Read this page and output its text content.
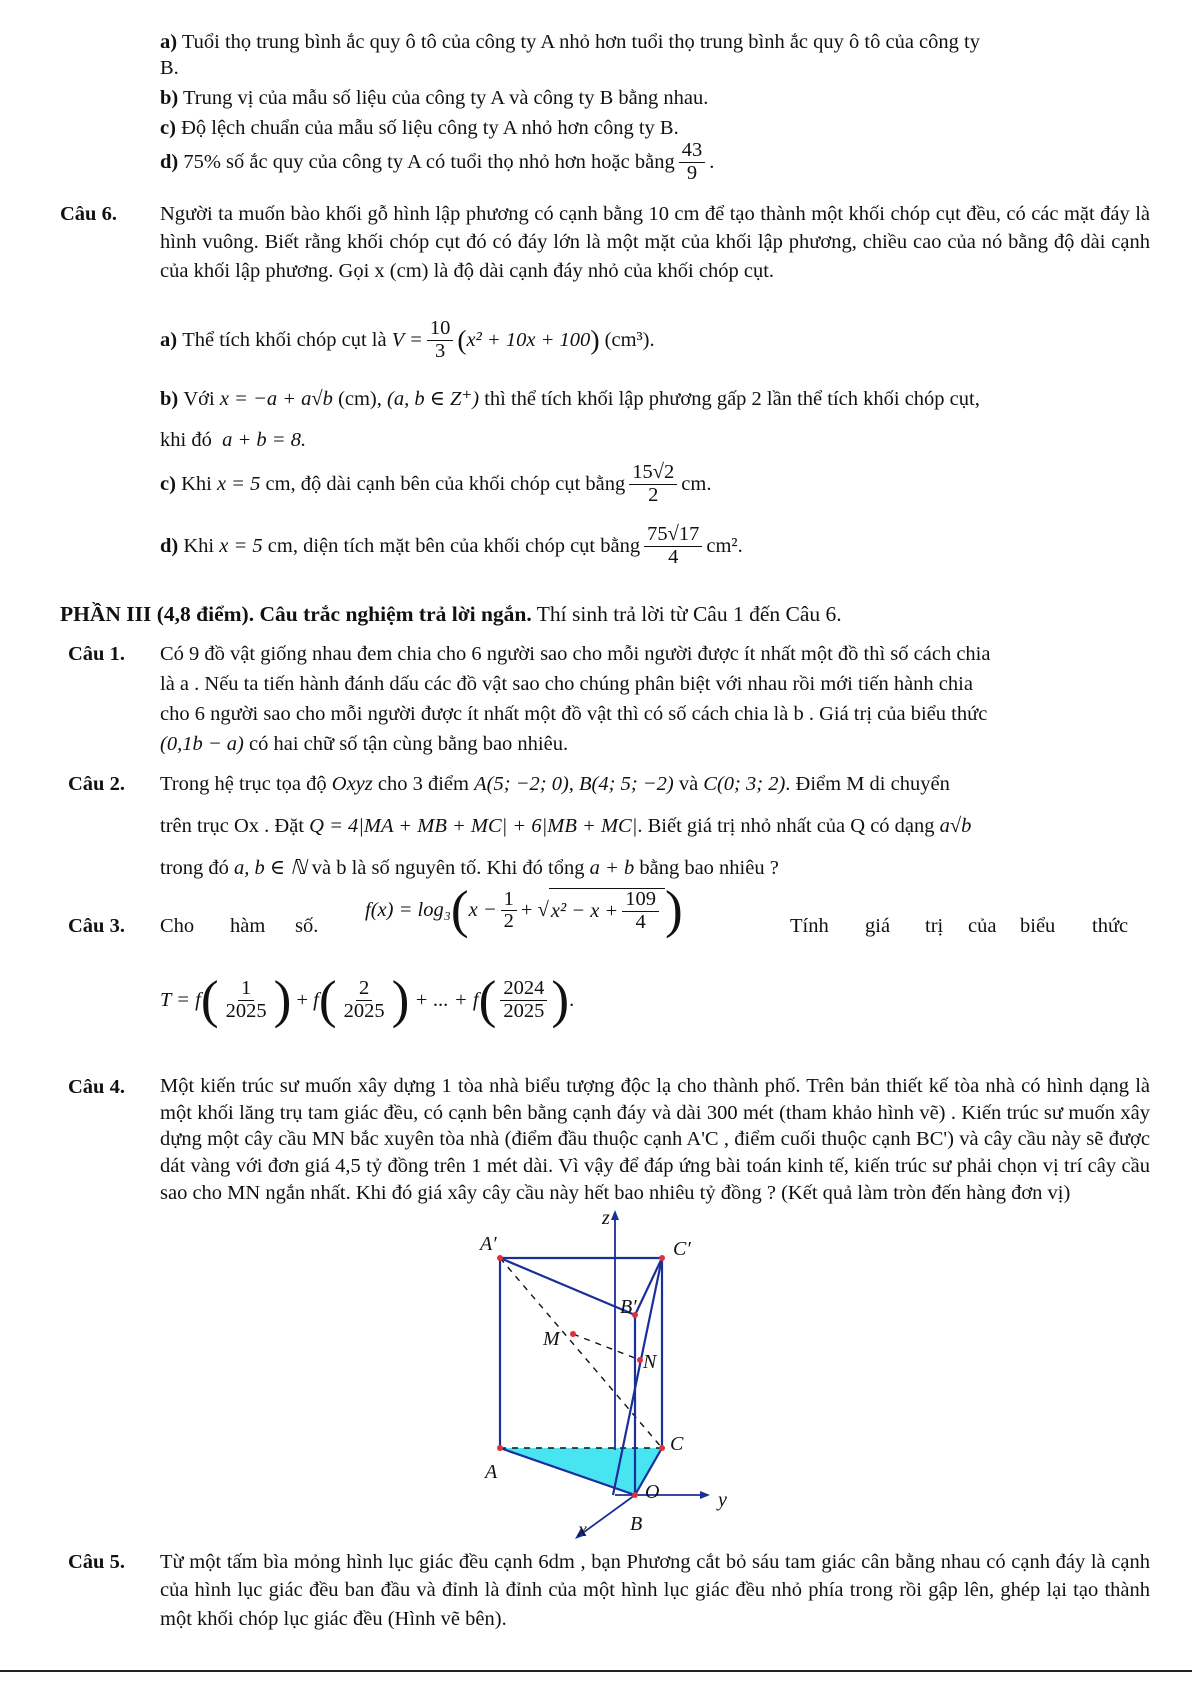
a) Tuổi thọ trung bình ắc quy ô tô của công ty A nhỏ hơn tuổi thọ trung bình ắc quy ô tô của công ty
B.
b) Trung vị của mẫu số liệu của công ty A và công ty B bằng nhau.
c) Độ lệch chuẩn của mẫu số liệu công ty A nhỏ hơn công ty B.
d)
75% số ắc quy của công ty A có tuổi thọ nhỏ hơn hoặc bằng $\frac{43}{9}$ .
Câu 6. Người ta muốn bào khối gỗ hình lập phương có cạnh bằng 10 cm để tạo thành một khối chóp cụt đều, có các mặt đáy là hình vuông. Biết rằng khối chóp cụt đó có đáy lớn là một mặt của khối lập phương, chiều cao của nó bằng độ dài cạnh của khối lập phương. Gọi x (cm) là độ dài cạnh đáy nhỏ của khối chóp cụt.
a)
Thể tích khối chóp cụt là
$V = \frac{10}{3}$ ( x² + 10x + 100 )
(cm³).
b)
Với
x = −a + a√b
(cm),
(a, b ∈ Z⁺)
thì thể tích khối lập phương gấp 2 lần thể tích khối chóp cụt,
khi đó a + b = 8.
c)
Khi
x = 5
cm, độ dài cạnh bên của khối chóp cụt bằng $\frac{15√2}{2}$ cm.
d)
Khi
x = 5
cm, diện tích mặt bên của khối chóp cụt bằng $\frac{75√17}{4} cm^2$.
PHẦN III (4,8 điểm). Câu trắc nghiệm trả lời ngắn. Thí sinh trả lời từ Câu 1 đến Câu 6.
Câu 1. Có 9 đồ vật giống nhau đem chia cho 6 người sao cho mỗi người được ít nhất một đồ thì số cách chia
là a . Nếu ta tiến hành đánh dấu các đồ vật sao cho chúng phân biệt với nhau rồi mới tiến hành chia
cho 6 người sao cho mỗi người được ít nhất một đồ vật thì có số cách chia là b . Giá trị của biểu thức
(0,1b − a) có hai chữ số tận cùng bằng bao nhiêu.
Câu 2. Trong hệ trục tọa độ Oxyz cho 3 điểm A(5; −2; 0), B(4; 5; −2) và C(0; 3; 2). Điểm M di chuyển
trên trục Ox . Đặt Q = 4|MA + MB + MC| + 6|MB + MC|. Biết giá trị nhỏ nhất của Q có dạng a√b
trong đó a, b ∈ ℕ và b là số nguyên tố. Khi đó tổng a + b bằng bao nhiêu ?
Câu 3. Cho hàm số.
f(x) = log₃ ( $x - \frac{1}{2}$ + √ $x^2 - x + \frac{109}{4}$ )	Tính giá trị của biểu thức
T = f ( $\frac{1}{2025}$ ) + f ( $\frac{2}{2025}$ )
+ ... + f ( $\frac{2024}{2025}$ ) .
Câu 4. Một kiến trúc sư muốn xây dựng 1 tòa nhà biểu tượng độc lạ cho thành phố. Trên bản thiết kế tòa nhà có hình dạng là một khối lăng trụ tam giác đều, có cạnh bên bằng cạnh đáy và dài 300 mét (tham khảo hình vẽ) . Kiến trúc sư muốn xây dựng một cây cầu MN bắc xuyên tòa nhà (điểm đầu thuộc cạnh A'C , điểm cuối thuộc cạnh BC') và cây cầu này sẽ được dát vàng với đơn giá 4,5 tỷ đồng trên 1 mét dài. Vì vậy để đáp ứng bài toán kinh tế, kiến trúc sư phải chọn vị trí cây cầu sao cho MN ngắn nhất. Khi đó giá xây cây cầu này hết bao nhiêu tỷ đồng ? (Kết quả làm tròn đến hàng đơn vị)
z
A′	C′
B′
M
N
C
A
O	y
x B
Câu 5. Từ một tấm bìa mỏng hình lục giác đều cạnh 6dm , bạn Phương cắt bỏ sáu tam giác cân bằng nhau có cạnh đáy là cạnh của hình lục giác đều ban đầu và đỉnh là đỉnh của một hình lục giác đều nhỏ phía trong rồi gập lên, ghép lại tạo thành một khối chóp lục giác đều (Hình vẽ bên).
